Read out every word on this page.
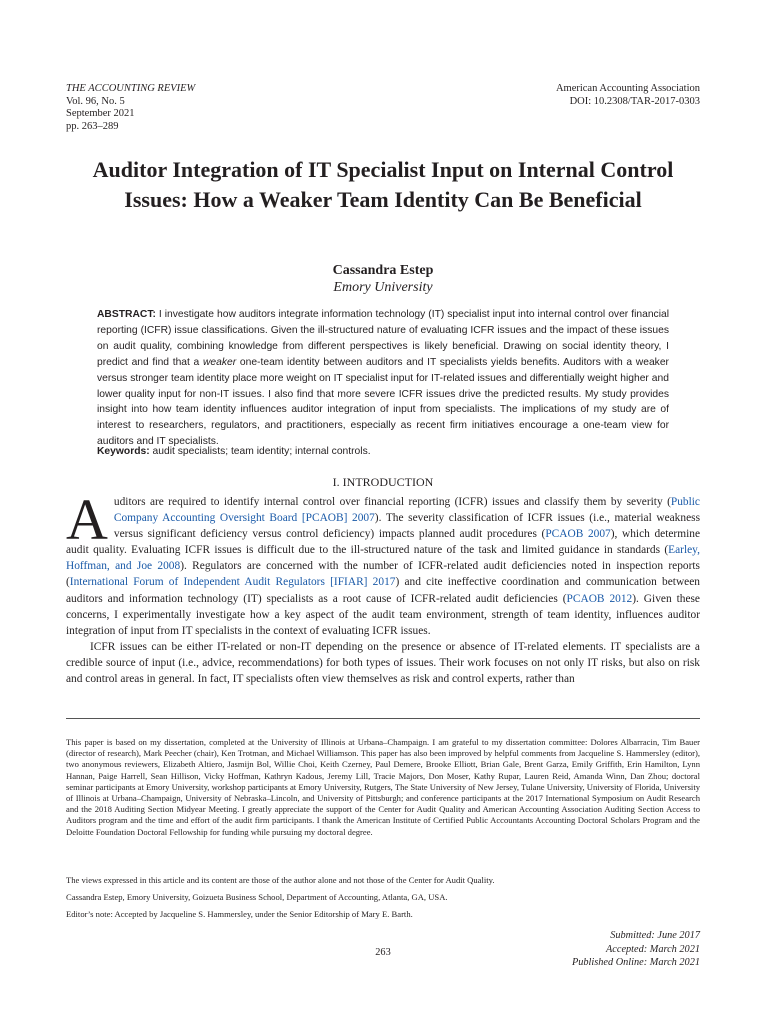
THE ACCOUNTING REVIEW
Vol. 96, No. 5
September 2021
pp. 263–289
American Accounting Association
DOI: 10.2308/TAR-2017-0303
Auditor Integration of IT Specialist Input on Internal Control Issues: How a Weaker Team Identity Can Be Beneficial
Cassandra Estep
Emory University
ABSTRACT: I investigate how auditors integrate information technology (IT) specialist input into internal control over financial reporting (ICFR) issue classifications. Given the ill-structured nature of evaluating ICFR issues and the impact of these issues on audit quality, combining knowledge from different perspectives is likely beneficial. Drawing on social identity theory, I predict and find that a weaker one-team identity between auditors and IT specialists yields benefits. Auditors with a weaker versus stronger team identity place more weight on IT specialist input for IT-related issues and differentially weight higher and lower quality input for non-IT issues. I also find that more severe ICFR issues drive the predicted results. My study provides insight into how team identity influences auditor integration of input from specialists. The implications of my study are of interest to researchers, regulators, and practitioners, especially as recent firm initiatives encourage a one-team view for auditors and IT specialists.
Keywords: audit specialists; team identity; internal controls.
I. INTRODUCTION

Auditors are required to identify internal control over financial reporting (ICFR) issues and classify them by severity (Public Company Accounting Oversight Board [PCAOB] 2007). The severity classification of ICFR issues (i.e., material weakness versus significant deficiency versus control deficiency) impacts planned audit procedures (PCAOB 2007), which determine audit quality. Evaluating ICFR issues is difficult due to the ill-structured nature of the task and limited guidance in standards (Earley, Hoffman, and Joe 2008). Regulators are concerned with the number of ICFR-related audit deficiencies noted in inspection reports (International Forum of Independent Audit Regulators [IFIAR] 2017) and cite ineffective coordination and communication between auditors and information technology (IT) specialists as a root cause of ICFR-related audit deficiencies (PCAOB 2012). Given these concerns, I experimentally investigate how a key aspect of the audit team environment, strength of team identity, influences auditor integration of input from IT specialists in the context of evaluating ICFR issues.

ICFR issues can be either IT-related or non-IT depending on the presence or absence of IT-related elements. IT specialists are a credible source of input (i.e., advice, recommendations) for both types of issues. Their work focuses on not only IT risks, but also on risk and control areas in general. In fact, IT specialists often view themselves as risk and control experts, rather than

This paper is based on my dissertation, completed at the University of Illinois at Urbana–Champaign. I am grateful to my dissertation committee: Dolores Albarracin, Tim Bauer (director of research), Mark Peecher (chair), Ken Trotman, and Michael Williamson. This paper has also been improved by helpful comments from Jacqueline S. Hammersley (editor), two anonymous reviewers, Elizabeth Altiero, Jasmijn Bol, Willie Choi, Keith Czerney, Paul Demere, Brooke Elliott, Brian Gale, Brent Garza, Emily Griffith, Erin Hamilton, Lynn Hannan, Paige Harrell, Sean Hillison, Vicky Hoffman, Kathryn Kadous, Jeremy Lill, Tracie Majors, Don Moser, Kathy Rupar, Lauren Reid, Amanda Winn, Dan Zhou; doctoral seminar participants at Emory University, workshop participants at Emory University, Rutgers, The State University of New Jersey, Tulane University, University of Florida, University of Illinois at Urbana–Champaign, University of Nebraska–Lincoln, and University of Pittsburgh; and conference participants at the 2017 International Symposium on Audit Research and the 2018 Auditing Section Midyear Meeting. I greatly appreciate the support of the Center for Audit Quality and American Accounting Association Auditing Section Access to Auditors program and the time and effort of the audit firm participants. I thank the American Institute of Certified Public Accountants Accounting Doctoral Scholars Program and the Deloitte Foundation Doctoral Fellowship for funding while pursuing my doctoral degree.

The views expressed in this article and its content are those of the author alone and not those of the Center for Audit Quality.

Cassandra Estep, Emory University, Goizueta Business School, Department of Accounting, Atlanta, GA, USA.

Editor’s note: Accepted by Jacqueline S. Hammersley, under the Senior Editorship of Mary E. Barth.

Submitted: June 2017
Accepted: March 2021
Published Online: March 2021
263
